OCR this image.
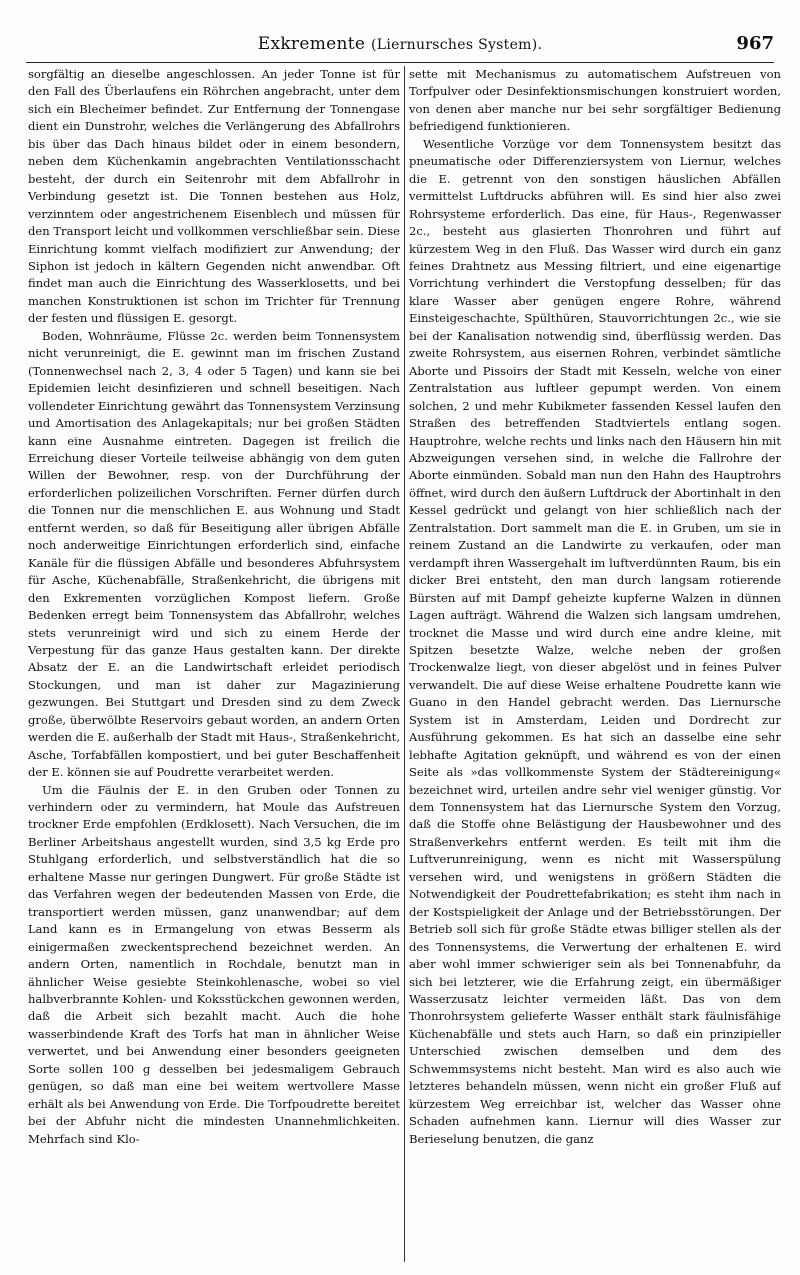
Exkremente (Liernursches System).	967

sorgfältig an dieselbe angeschlossen. An jeder Tonne ist für den Fall des Überlaufens ein Röhrchen angebracht, unter dem sich ein Blecheimer befindet. Zur Entfernung der Tonnengase dient ein Dunstrohr, welches die Verlängerung des Abfallrohrs bis über das Dach hinaus bildet oder in einem besondern, neben dem Küchenkamin angebrachten Ventilationsschacht besteht, der durch ein Seitenrohr mit dem Abfallrohr in Verbindung gesetzt ist. Die Tonnen bestehen aus Holz, verzinntem oder angestrichenem Eisenblech und müssen für den Transport leicht und vollkommen verschließbar sein. Diese Einrichtung kommt vielfach modifiziert zur Anwendung; der Siphon ist jedoch in kältern Gegenden nicht anwendbar. Oft findet man auch die Einrichtung des Wasserklosetts, und bei manchen Konstruktionen ist schon im Trichter für Trennung der festen und flüssigen E. gesorgt.

Boden, Wohnräume, Flüsse 2c. werden beim Tonnensystem nicht verunreinigt, die E. gewinnt man im frischen Zustand (Tonnenwechsel nach 2, 3, 4 oder 5 Tagen) und kann sie bei Epidemien leicht desinfizieren und schnell beseitigen. Nach vollendeter Einrichtung gewährt das Tonnensystem Verzinsung und Amortisation des Anlagekapitals; nur bei großen Städten kann eine Ausnahme eintreten. Dagegen ist freilich die Erreichung dieser Vorteile teilweise abhängig von dem guten Willen der Bewohner, resp. von der Durchführung der erforderlichen polizeilichen Vorschriften. Ferner dürfen durch die Tonnen nur die menschlichen E. aus Wohnung und Stadt entfernt werden, so daß für Beseitigung aller übrigen Abfälle noch anderweitige Einrichtungen erforderlich sind, einfache Kanäle für die flüssigen Abfälle und besonderes Abfuhrsystem für Asche, Küchenabfälle, Straßenkehricht, die übrigens mit den Exkrementen vorzüglichen Kompost liefern. Große Bedenken erregt beim Tonnensystem das Abfallrohr, welches stets verunreinigt wird und sich zu einem Herde der Verpestung für das ganze Haus gestalten kann. Der direkte Absatz der E. an die Landwirtschaft erleidet periodisch Stockungen, und man ist daher zur Magazinierung gezwungen. Bei Stuttgart und Dresden sind zu dem Zweck große, überwölbte Reservoirs gebaut worden, an andern Orten werden die E. außerhalb der Stadt mit Haus-, Straßenkehricht, Asche, Torfabfällen kompostiert, und bei guter Beschaffenheit der E. können sie auf Poudrette verarbeitet werden.

Um die Fäulnis der E. in den Gruben oder Tonnen zu verhindern oder zu vermindern, hat Moule das Aufstreuen trockner Erde empfohlen (Erdklosett). Nach Versuchen, die im Berliner Arbeitshaus angestellt wurden, sind 3,5 kg Erde pro Stuhlgang erforderlich, und selbstverständlich hat die so erhaltene Masse nur geringen Dungwert. Für große Städte ist das Verfahren wegen der bedeutenden Massen von Erde, die transportiert werden müssen, ganz unanwendbar; auf dem Land kann es in Ermangelung von etwas Besserm als einigermaßen zweckentsprechend bezeichnet werden. An andern Orten, namentlich in Rochdale, benutzt man in ähnlicher Weise gesiebte Steinkohlenasche, wobei so viel halbverbrannte Kohlen- und Koksstückchen gewonnen werden, daß die Arbeit sich bezahlt macht. Auch die hohe wasserbindende Kraft des Torfs hat man in ähnlicher Weise verwertet, und bei Anwendung einer besonders geeigneten Sorte sollen 100 g desselben bei jedesmaligem Gebrauch genügen, so daß man eine bei weitem wertvollere Masse erhält als bei Anwendung von Erde. Die Torfpoudrette bereitet bei der Abfuhr nicht die mindesten Unannehmlichkeiten. Mehrfach sind Klo-

sette mit Mechanismus zu automatischem Aufstreuen von Torfpulver oder Desinfektionsmischungen konstruiert worden, von denen aber manche nur bei sehr sorgfältiger Bedienung befriedigend funktionieren.

Wesentliche Vorzüge vor dem Tonnensystem besitzt das pneumatische oder Differenziersystem von Liernur, welches die E. getrennt von den sonstigen häuslichen Abfällen vermittelst Luftdrucks abführen will. Es sind hier also zwei Rohrsysteme erforderlich. Das eine, für Haus-, Regenwasser 2c., besteht aus glasierten Thonrohren und führt auf kürzestem Weg in den Fluß. Das Wasser wird durch ein ganz feines Drahtnetz aus Messing filtriert, und eine eigenartige Vorrichtung verhindert die Verstopfung desselben; für das klare Wasser aber genügen engere Rohre, während Einsteigeschachte, Spülthüren, Stauvorrichtungen 2c., wie sie bei der Kanalisation notwendig sind, überflüssig werden. Das zweite Rohrsystem, aus eisernen Rohren, verbindet sämtliche Aborte und Pissoirs der Stadt mit Kesseln, welche von einer Zentralstation aus luftleer gepumpt werden. Von einem solchen, 2 und mehr Kubikmeter fassenden Kessel laufen den Straßen des betreffenden Stadtviertels entlang sogen. Hauptrohre, welche rechts und links nach den Häusern hin mit Abzweigungen versehen sind, in welche die Fallrohre der Aborte einmünden. Sobald man nun den Hahn des Hauptrohrs öffnet, wird durch den äußern Luftdruck der Abortinhalt in den Kessel gedrückt und gelangt von hier schließlich nach der Zentralstation. Dort sammelt man die E. in Gruben, um sie in reinem Zustand an die Landwirte zu verkaufen, oder man verdampft ihren Wassergehalt im luftverdünnten Raum, bis ein dicker Brei entsteht, den man durch langsam rotierende Bürsten auf mit Dampf geheizte kupferne Walzen in dünnen Lagen aufträgt. Während die Walzen sich langsam umdrehen, trocknet die Masse und wird durch eine andre kleine, mit Spitzen besetzte Walze, welche neben der großen Trockenwalze liegt, von dieser abgelöst und in feines Pulver verwandelt. Die auf diese Weise erhaltene Poudrette kann wie Guano in den Handel gebracht werden. Das Liernursche System ist in Amsterdam, Leiden und Dordrecht zur Ausführung gekommen. Es hat sich an dasselbe eine sehr lebhafte Agitation geknüpft, und während es von der einen Seite als »das vollkommenste System der Städtereinigung« bezeichnet wird, urteilen andre sehr viel weniger günstig. Vor dem Tonnensystem hat das Liernursche System den Vorzug, daß die Stoffe ohne Belästigung der Hausbewohner und des Straßenverkehrs entfernt werden. Es teilt mit ihm die Luftverunreinigung, wenn es nicht mit Wasserspülung versehen wird, und wenigstens in größern Städten die Notwendigkeit der Poudrettefabrikation; es steht ihm nach in der Kostspieligkeit der Anlage und der Betriebsstörungen. Der Betrieb soll sich für große Städte etwas billiger stellen als der des Tonnensystems, die Verwertung der erhaltenen E. wird aber wohl immer schwieriger sein als bei Tonnenabfuhr, da sich bei letzterer, wie die Erfahrung zeigt, ein übermäßiger Wasserzusatz leichter vermeiden läßt. Das von dem Thonrohrsystem gelieferte Wasser enthält stark fäulnisfähige Küchenabfälle und stets auch Harn, so daß ein prinzipieller Unterschied zwischen demselben und dem des Schwemmsystems nicht besteht. Man wird es also auch wie letzteres behandeln müssen, wenn nicht ein großer Fluß auf kürzestem Weg erreichbar ist, welcher das Wasser ohne Schaden aufnehmen kann. Liernur will dies Wasser zur Berieselung benutzen, die ganz
